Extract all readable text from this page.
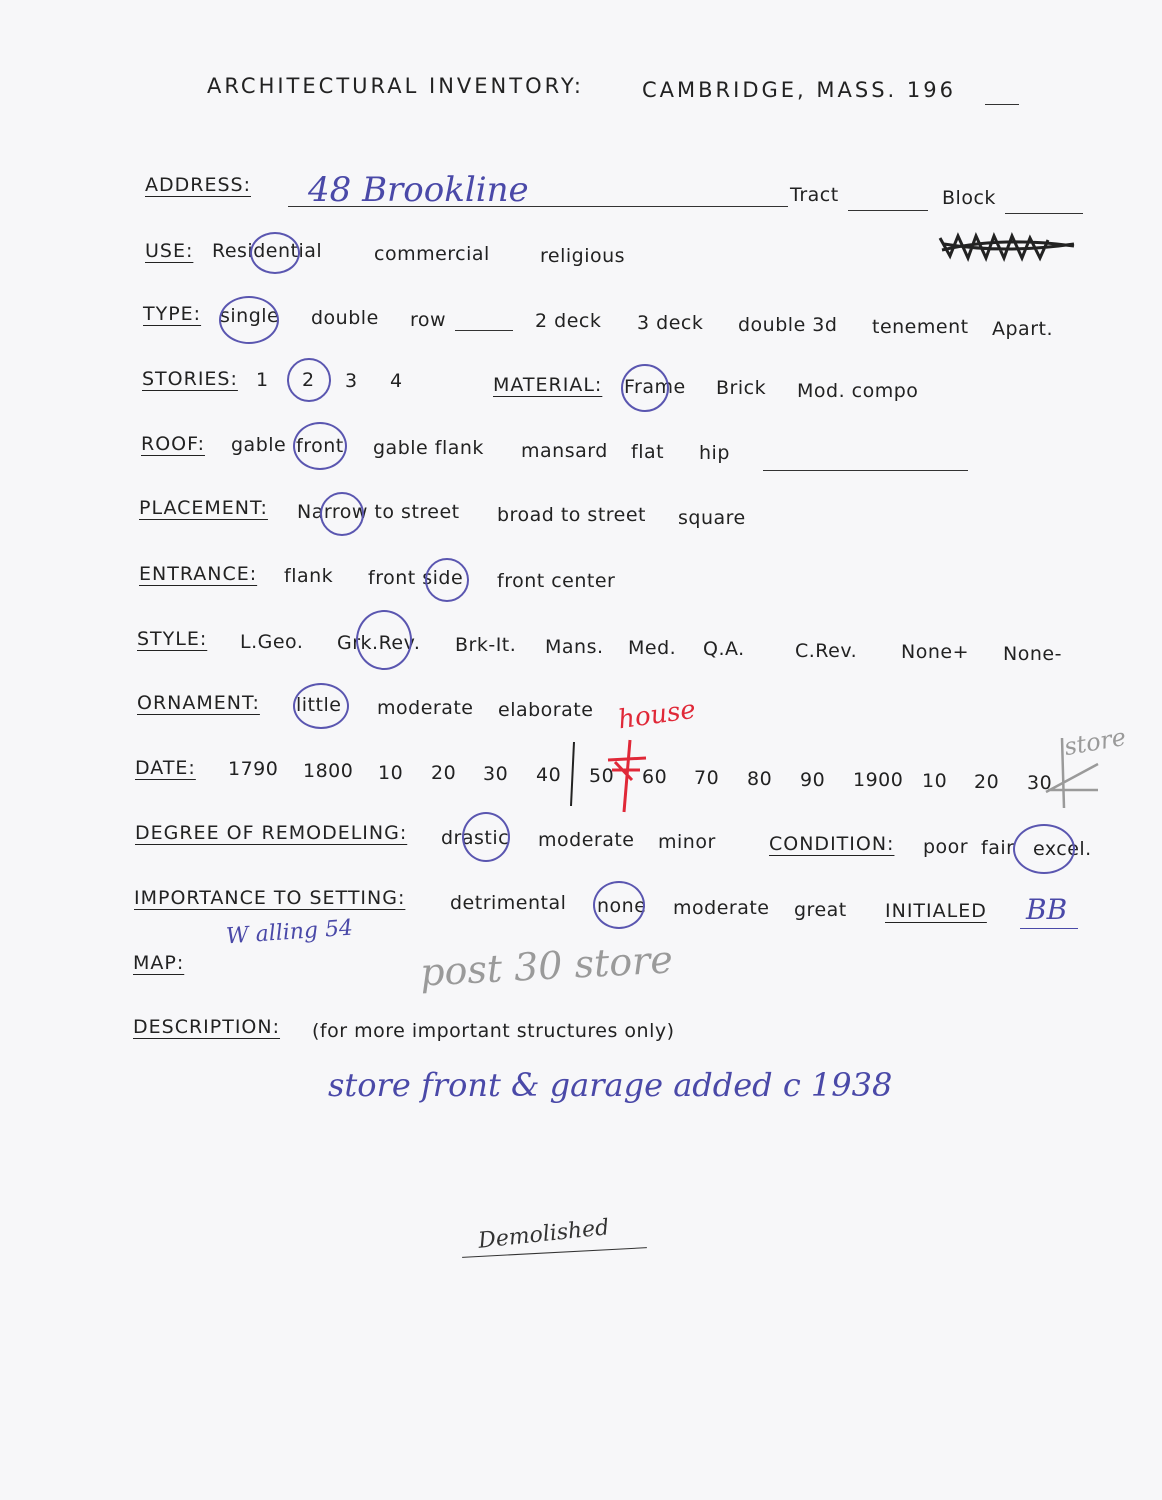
ARCHITECTURAL INVENTORY:	CAMBRIDGE, MASS. 196
ADDRESS: 48 Brookline	Tract	Block
USE: Residential	commercial	religious
TYPE: single double row	2 deck 3 deck double 3d tenement Apart.
STORIES: 1 2 3 4	MATERIAL: Frame Brick Mod. compo
ROOF: gable front gable flank mansard flat hip
PLACEMENT: Narrow to street broad to street square
ENTRANCE: flank front side front center
STYLE: L.Geo. Grk.Rev. Brk-It. Mans. Med. Q.A.	C.Rev. None+ None-
ORNAMENT: little moderate elaborate
DATE: 1790 1800 10 20 30 40 50 60 70 80 90 1900 10 20 30
house
store
DEGREE OF REMODELING: drastic moderate minor	CONDITION: poor fair excel.
IMPORTANCE TO SETTING: detrimental none moderate great INITIALED BB
MAP:
W alling 54
post 30 store
DESCRIPTION: (for more important structures only)
store front & garage added c 1938
Demolished
